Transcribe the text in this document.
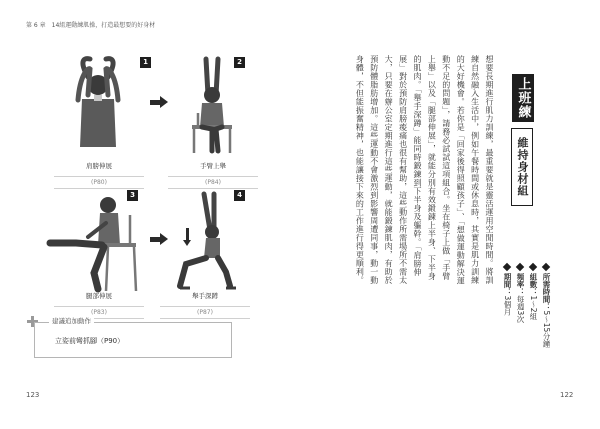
第 6 章　14組運動練肌操，打造最想要的好身材
1
肩膀伸展
( P80 )
2
手臂上舉
( P84 )
3
腿部伸展
( P83 )
4
舉手深蹲
( P87 )
建議追加動作
立姿前彎抓腳（P90）
123
上班練
維持身材組
所需時間：5～15分鐘
組數：1～2組
頻率：每週3次
期間：3個月
想要長期進行肌力訓練，最重要就是靈活運用空閒時間。將訓練自然融入生活中，例如午餐時間或休息時，其實是肌力訓練的大好機會。若你是「回家後得照顧孩子」、「想做運動解決運動不足的問題」，請務必試試這項組合。坐在椅子上做「手臂上舉」以及「腿部伸展」，就能分別有效鍛鍊上半身、下半身的肌肉。「舉手深蹲」能同時鍛鍊到下半身及軀幹。「肩膀伸展」對於預防肩膀痠痛也很有幫助，這些動作所需場所不需太大，只要在辦公室定期進行這些運動，就能鍛鍊肌肉，有助於預防體脂肪增加。這些運動不會激烈到影響周遭同事，動一動身體，不但能振奮精神，也能讓接下來的工作進行得更順利。
122
